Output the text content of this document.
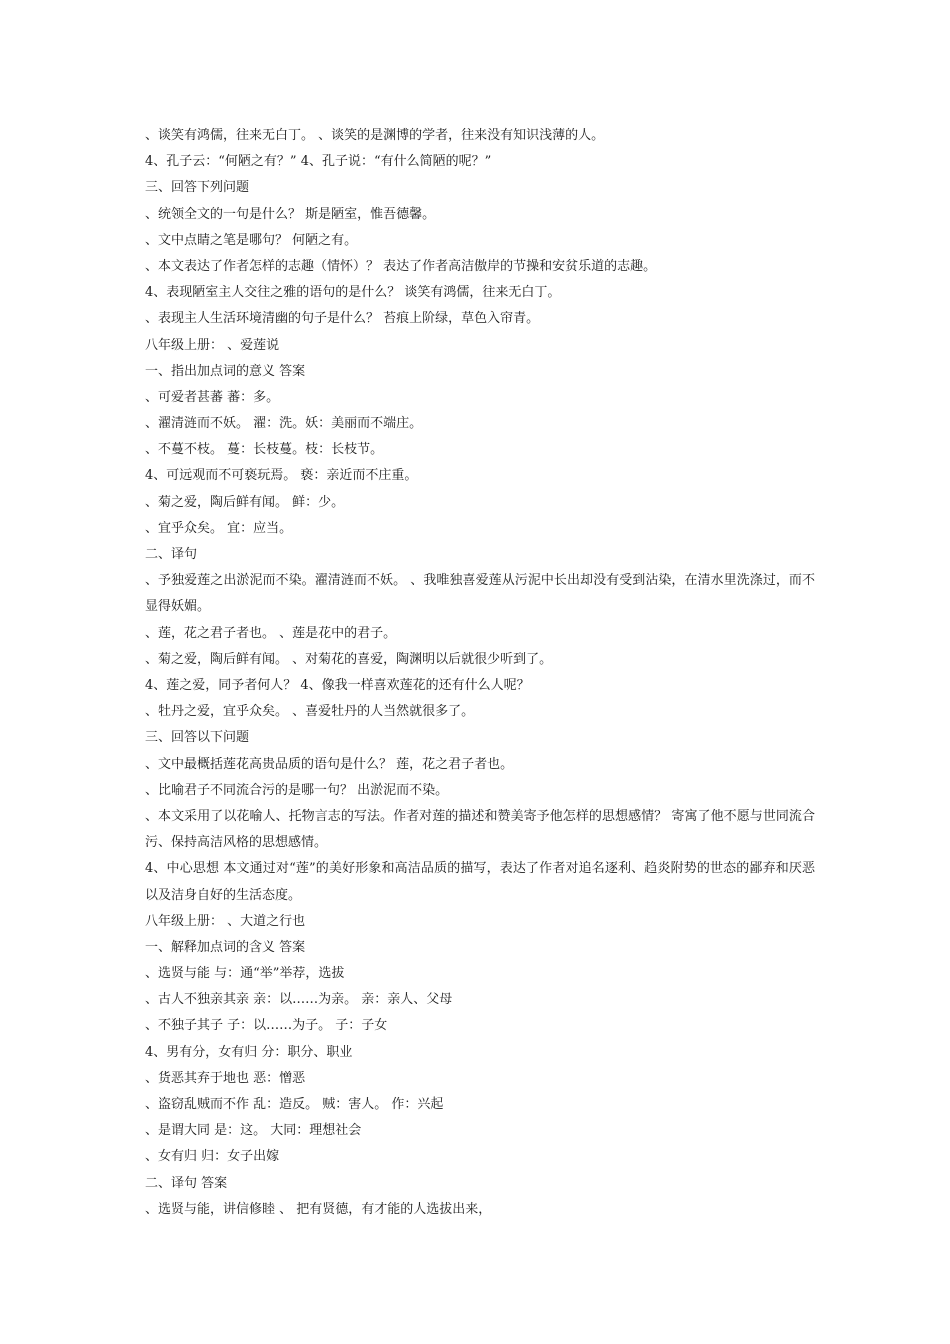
、谈笑有鸿儒，往来无白丁。 、谈笑的是渊博的学者，往来没有知识浅薄的人。
4、孔子云：“何陋之有？” 4、孔子说：“有什么简陋的呢？”
三、回答下列问题
、统领全文的一句是什么？ 斯是陋室，惟吾德馨。
、文中点睛之笔是哪句？ 何陋之有。
、本文表达了作者怎样的志趣（情怀）？ 表达了作者高洁傲岸的节操和安贫乐道的志趣。
4、表现陋室主人交往之雅的语句的是什么？ 谈笑有鸿儒，往来无白丁。
、表现主人生活环境清幽的句子是什么？ 苔痕上阶绿，草色入帘青。
八年级上册： 、爱莲说
一、指出加点词的意义 答案
、可爱者甚蕃 蕃：多。
、濯清涟而不妖。 濯：洗。妖：美丽而不端庄。
、不蔓不枝。 蔓：长枝蔓。枝：长枝节。
4、可远观而不可亵玩焉。 亵：亲近而不庄重。
、菊之爱，陶后鲜有闻。 鲜：少。
、宜乎众矣。 宜：应当。
二、译句
、予独爱莲之出淤泥而不染。濯清涟而不妖。 、我唯独喜爱莲从污泥中长出却没有受到沾染，在清水里洗涤过，而不显得妖媚。
、莲，花之君子者也。 、莲是花中的君子。
、菊之爱，陶后鲜有闻。 、对菊花的喜爱，陶渊明以后就很少听到了。
4、莲之爱，同予者何人？ 4、像我一样喜欢莲花的还有什么人呢？
、牡丹之爱，宜乎众矣。 、喜爱牡丹的人当然就很多了。
三、回答以下问题
、文中最概括莲花高贵品质的语句是什么？ 莲，花之君子者也。
、比喻君子不同流合污的是哪一句？ 出淤泥而不染。
、本文采用了以花喻人、托物言志的写法。作者对莲的描述和赞美寄予他怎样的思想感情？ 寄寓了他不愿与世同流合污、保持高洁风格的思想感情。
4、中心思想 本文通过对“莲”的美好形象和高洁品质的描写，表达了作者对追名逐利、趋炎附势的世态的鄙弃和厌恶以及洁身自好的生活态度。
八年级上册： 、大道之行也
一、解释加点词的含义 答案
、选贤与能 与：通“举”举荐，选拔
、古人不独亲其亲 亲：以……为亲。 亲：亲人、父母
、不独子其子 子：以……为子。 子：子女
4、男有分，女有归 分：职分、职业
、货恶其弃于地也 恶：憎恶
、盗窃乱贼而不作 乱：造反。 贼：害人。 作：兴起
、是谓大同 是：这。 大同：理想社会
、女有归 归：女子出嫁
二、译句 答案
、选贤与能，讲信修睦 、 把有贤德，有才能的人选拔出来，
